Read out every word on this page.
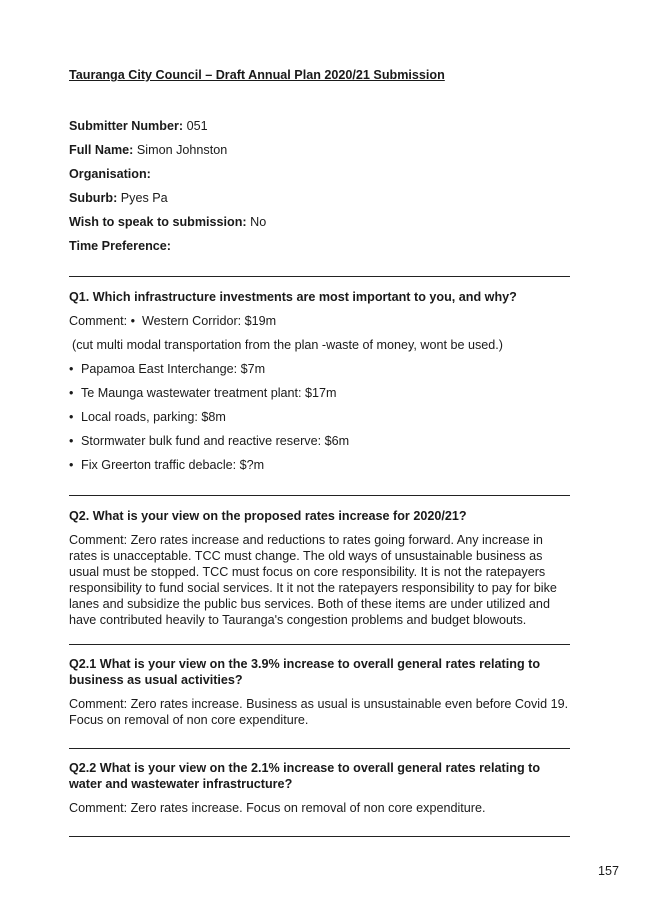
Tauranga City Council – Draft Annual Plan 2020/21 Submission
Submitter Number: 051
Full Name: Simon Johnston
Organisation:
Suburb: Pyes Pa
Wish to speak to submission: No
Time Preference:
Q1. Which infrastructure investments are most important to you, and why?
Comment: • Western Corridor: $19m
(cut multi modal transportation from the plan -waste of money, wont be used.)
• Papamoa East Interchange: $7m
• Te Maunga wastewater treatment plant: $17m
• Local roads, parking: $8m
• Stormwater bulk fund and reactive reserve: $6m
• Fix Greerton traffic debacle: $?m
Q2. What is your view on the proposed rates increase for 2020/21?
Comment: Zero rates increase and reductions to rates going forward. Any increase in rates is unacceptable. TCC must change. The old ways of unsustainable business as usual must be stopped. TCC must focus on core responsibility. It is not the ratepayers responsibility to fund social services. It it not the ratepayers responsibility to pay for bike lanes and subsidize the public bus services. Both of these items are under utilized and have contributed heavily to Tauranga's congestion problems and budget blowouts.
Q2.1 What is your view on the 3.9% increase to overall general rates relating to business as usual activities?
Comment: Zero rates increase. Business as usual is unsustainable even before Covid 19. Focus on removal of non core expenditure.
Q2.2 What is your view on the 2.1% increase to overall general rates relating to water and wastewater infrastructure?
Comment: Zero rates increase. Focus on removal of non core expenditure.
157
